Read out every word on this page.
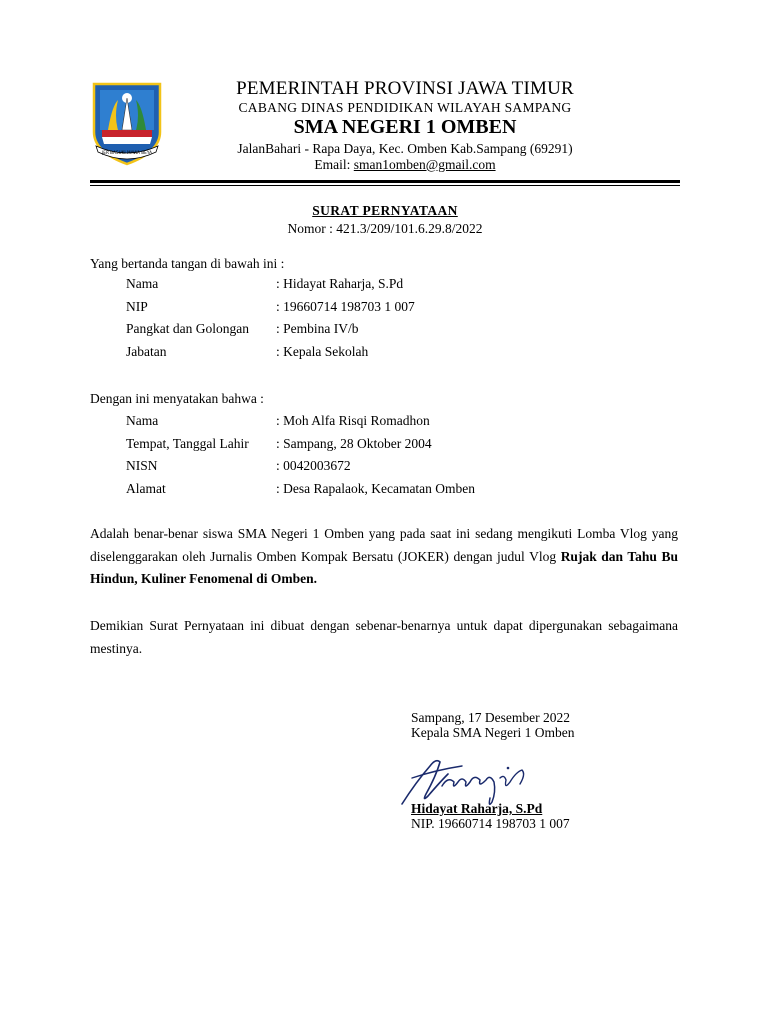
JER BASUKI MAWA BEYA
PEMERINTAH PROVINSI JAWA TIMUR
CABANG DINAS PENDIDIKAN WILAYAH SAMPANG
SMA NEGERI 1 OMBEN
JalanBahari - Rapa Daya, Kec. Omben Kab.Sampang (69291)
Email: sman1omben@gmail.com
SURAT PERNYATAAN
Nomor : 421.3/209/101.6.29.8/2022
Yang bertanda tangan di bawah ini :
Nama	: Hidayat Raharja, S.Pd
NIP	: 19660714 198703 1 007
Pangkat dan Golongan	: Pembina IV/b
Jabatan	: Kepala Sekolah
Dengan ini menyatakan bahwa :
Nama	: Moh Alfa Risqi Romadhon
Tempat, Tanggal Lahir	: Sampang, 28 Oktober 2004
NISN	: 0042003672
Alamat	: Desa Rapalaok, Kecamatan Omben
Adalah benar-benar siswa SMA Negeri 1 Omben yang pada saat ini sedang mengikuti Lomba Vlog yang diselenggarakan oleh Jurnalis Omben Kompak Bersatu (JOKER) dengan judul Vlog Rujak dan Tahu Bu Hindun, Kuliner Fenomenal di Omben.
Demikian Surat Pernyataan ini dibuat dengan sebenar-benarnya untuk dapat dipergunakan sebagaimana mestinya.
Sampang, 17 Desember 2022
Kepala SMA Negeri 1 Omben
Hidayat Raharja, S.Pd
NIP. 19660714 198703 1 007
